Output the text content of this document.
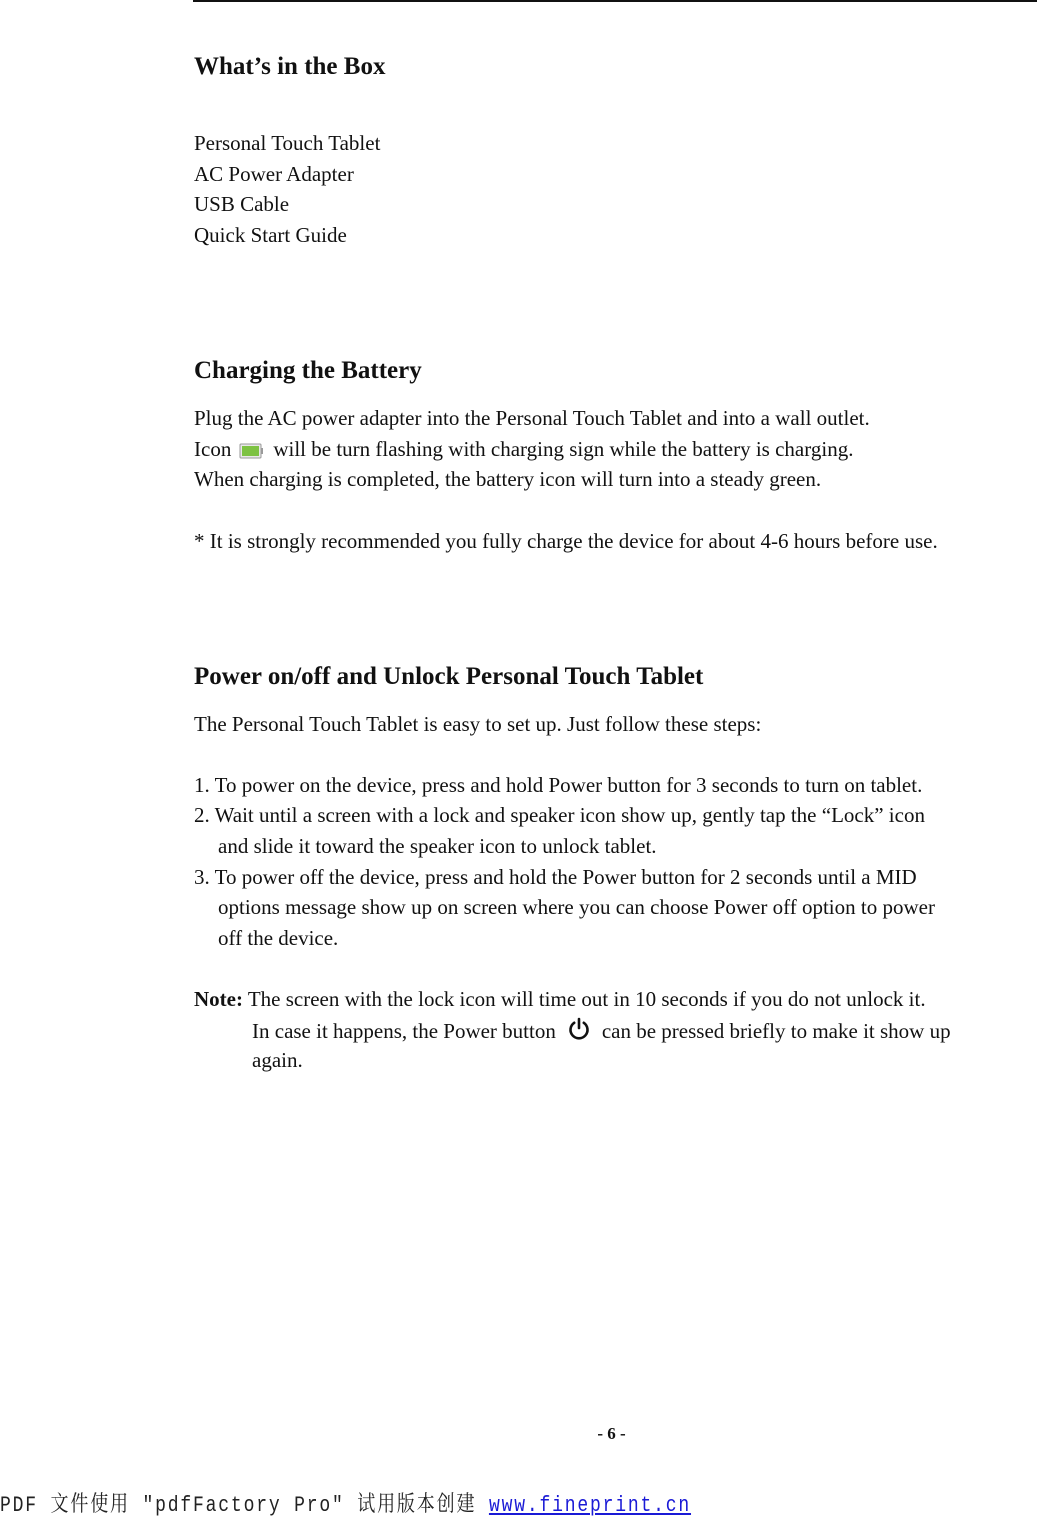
What’s in the Box
Personal Touch Tablet
AC Power Adapter
USB Cable
Quick Start Guide
Charging the Battery
Plug the AC power adapter into the Personal Touch Tablet and into a wall outlet.
Icon will be turn flashing with charging sign while the battery is charging.
When charging is completed, the battery icon will turn into a steady green.
* It is strongly recommended you fully charge the device for about 4-6 hours before use.
Power on/off and Unlock Personal Touch Tablet
The Personal Touch Tablet is easy to set up. Just follow these steps:
1. To power on the device, press and hold Power button for 3 seconds to turn on tablet.
2. Wait until a screen with a lock and speaker icon show up, gently tap the “Lock” icon
and slide it toward the speaker icon to unlock tablet.
3. To power off the device, press and hold the Power button for 2 seconds until a MID
options message show up on screen where you can choose Power off option to power
off the device.
Note: The screen with the lock icon will time out in 10 seconds if you do not unlock it.
In case it happens, the Power button can be pressed briefly to make it show up
again.
- 6 -
PDF 文件使用 "pdfFactory Pro" 试用版本创建 www.fineprint.cn
